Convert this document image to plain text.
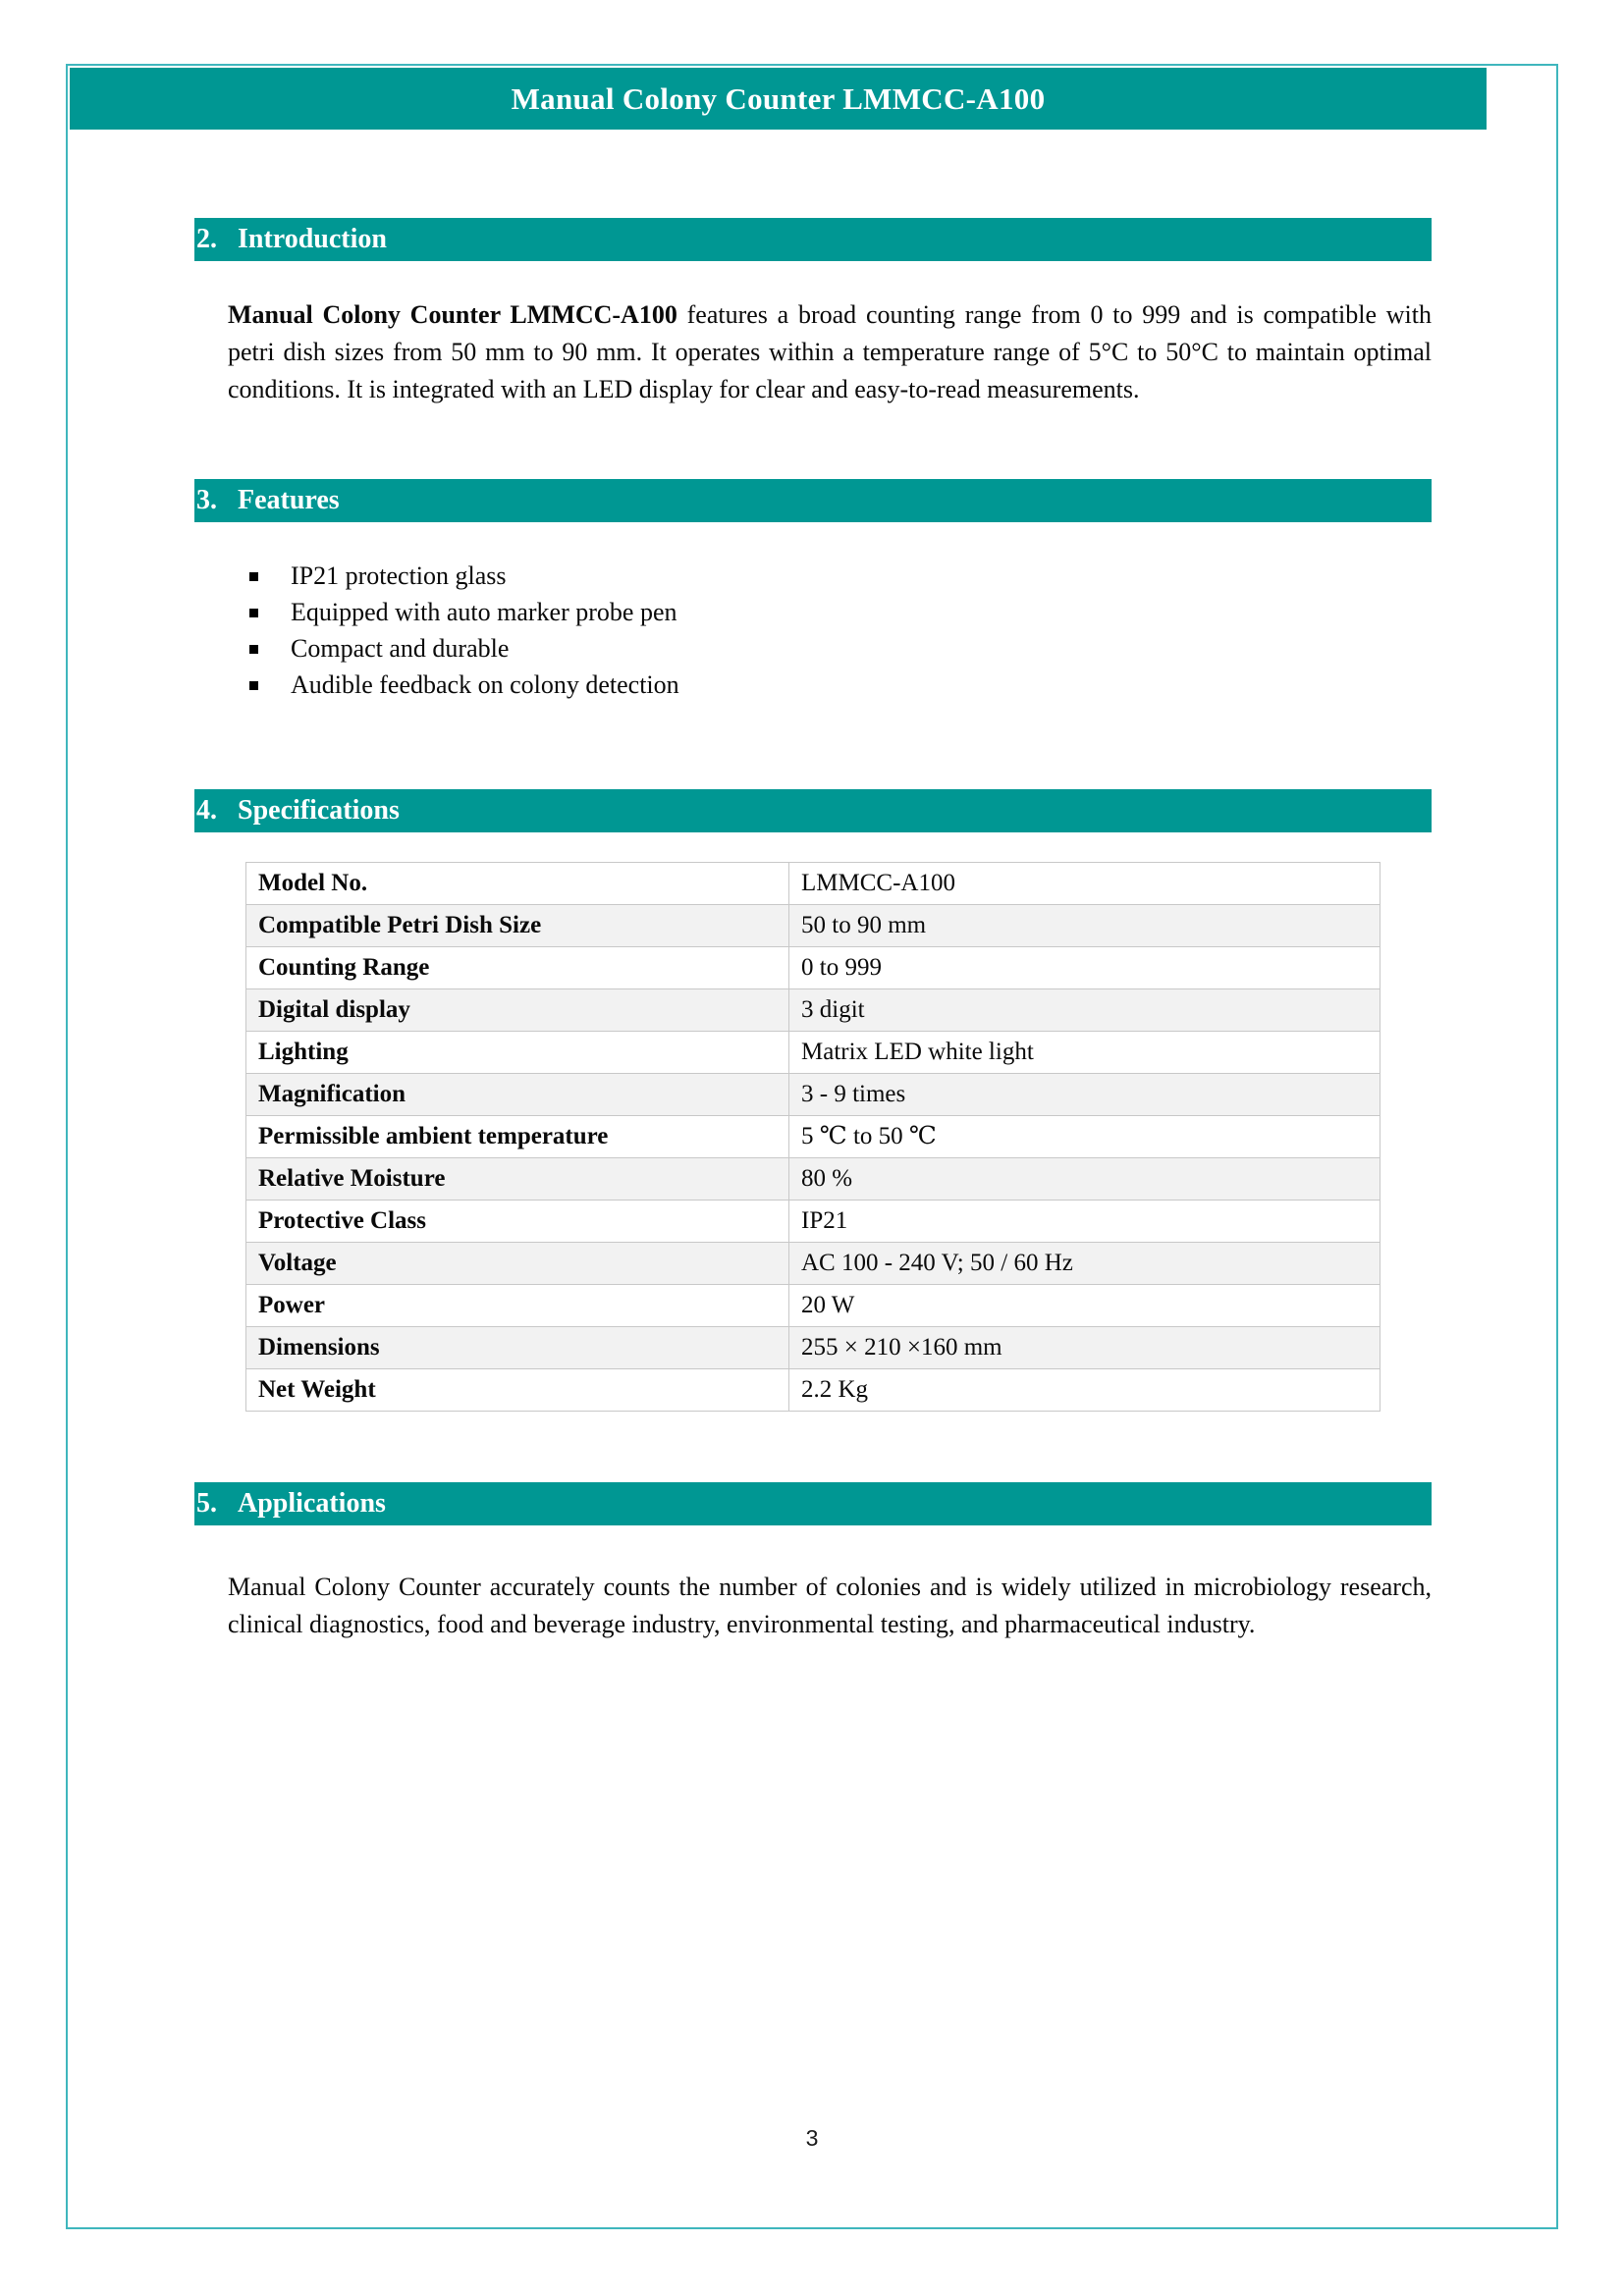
Manual Colony Counter LMMCC-A100
2. Introduction

Manual Colony Counter LMMCC-A100 features a broad counting range from 0 to 999 and is compatible with petri dish sizes from 50 mm to 90 mm. It operates within a temperature range of 5°C to 50°C to maintain optimal conditions. It is integrated with an LED display for clear and easy-to-read measurements.

3. Features
IP21 protection glass
Equipped with auto marker probe pen
Compact and durable
Audible feedback on colony detection
4. Specifications
Model No.	LMMCC-A100
Compatible Petri Dish Size	50 to 90 mm
Counting Range	0 to 999
Digital display	3 digit
Lighting	Matrix LED white light
Magnification	3 - 9 times
Permissible ambient temperature	5 ℃ to 50 ℃
Relative Moisture	80 %
Protective Class	IP21
Voltage	AC 100 - 240 V; 50 / 60 Hz
Power	20 W
Dimensions	255 × 210 ×160 mm
Net Weight	2.2 Kg
5. Applications

Manual Colony Counter accurately counts the number of colonies and is widely utilized in microbiology research, clinical diagnostics, food and beverage industry, environmental testing, and pharmaceutical industry.

3
